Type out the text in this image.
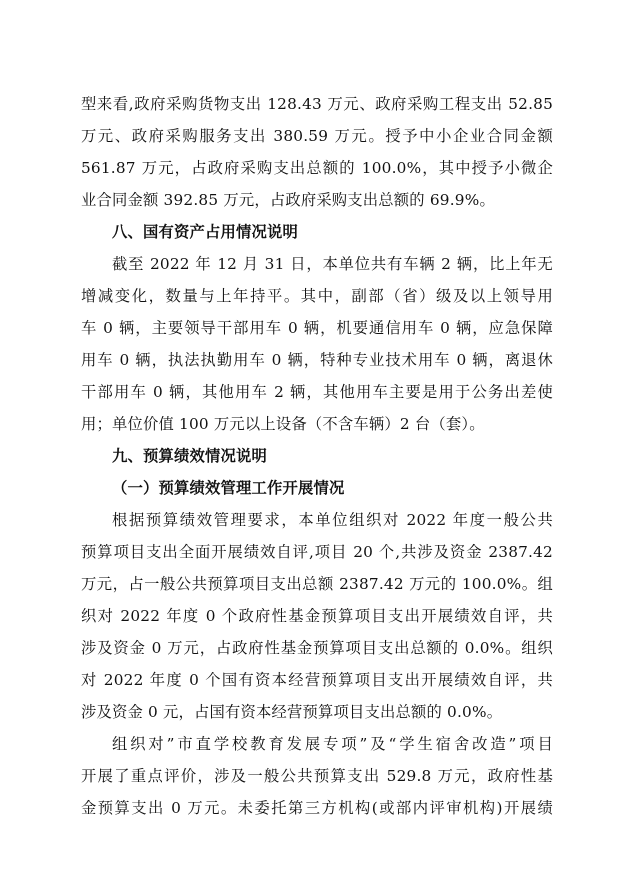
型来看,政府采购货物支出 128.43 万元、政府采购工程支出 52.85
万元、政府采购服务支出 380.59 万元。授予中小企业合同金额
561.87 万元，占政府采购支出总额的 100.0%，其中授予小微企
业合同金额 392.85 万元，占政府采购支出总额的 69.9%。
八、国有资产占用情况说明
截至 2022 年 12 月 31 日，本单位共有车辆 2 辆，比上年无
增减变化，数量与上年持平。其中，副部（省）级及以上领导用
车 0 辆，主要领导干部用车 0 辆，机要通信用车 0 辆，应急保障
用车 0 辆，执法执勤用车 0 辆，特种专业技术用车 0 辆，离退休
干部用车 0 辆，其他用车 2 辆，其他用车主要是用于公务出差使
用；单位价值 100 万元以上设备（不含车辆）2 台（套）。
九、预算绩效情况说明
（一）预算绩效管理工作开展情况
根据预算绩效管理要求，本单位组织对 2022 年度一般公共
预算项目支出全面开展绩效自评,项目 20 个,共涉及资金 2387.42
万元，占一般公共预算项目支出总额 2387.42 万元的 100.0%。组
织对 2022 年度 0 个政府性基金预算项目支出开展绩效自评，共
涉及资金 0 万元，占政府性基金预算项目支出总额的 0.0%。组织
对 2022 年度 0 个国有资本经营预算项目支出开展绩效自评，共
涉及资金 0 元，占国有资本经营预算项目支出总额的 0.0%。
组织对”市直学校教育发展专项”及“学生宿舍改造”项目
开展了重点评价，涉及一般公共预算支出 529.8 万元，政府性基
金预算支出 0 万元。未委托第三方机构(或部内评审机构)开展绩
